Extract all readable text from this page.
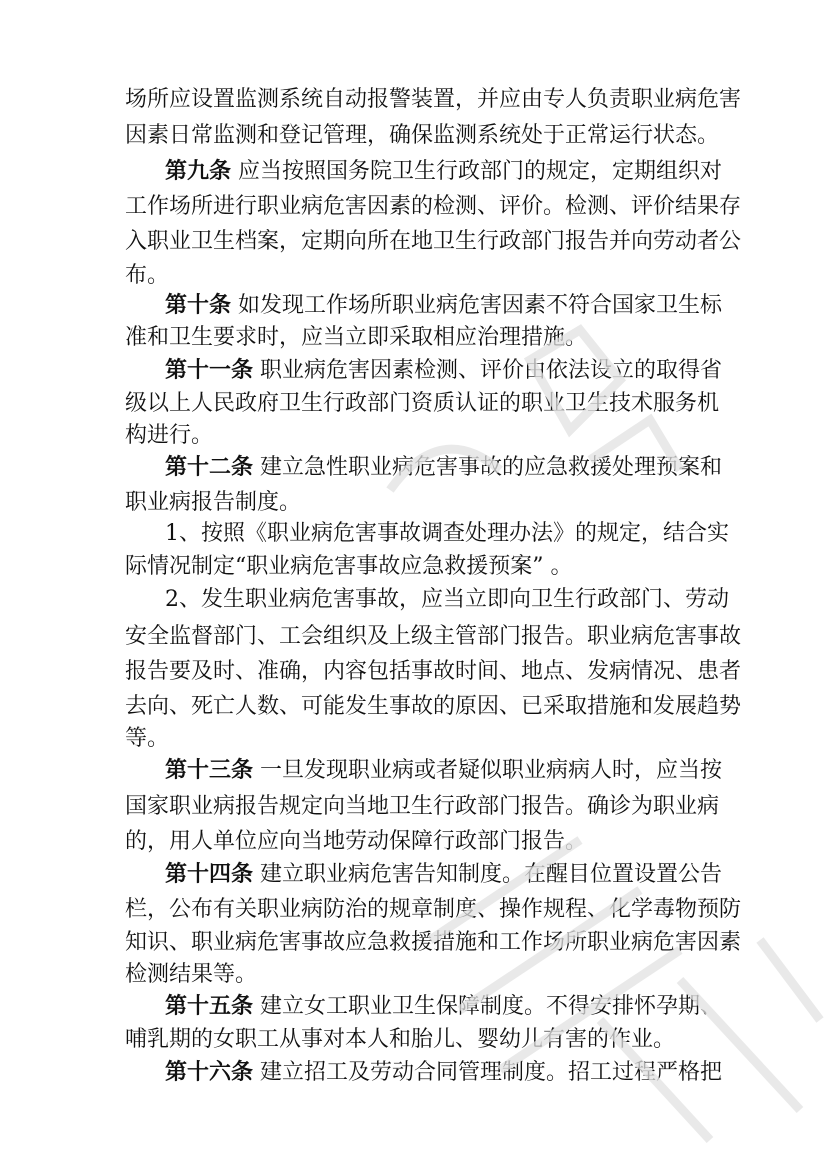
场所应设置监测系统自动报警装置，并应由专人负责职业病危害
因素日常监测和登记管理，确保监测系统处于正常运行状态。
第九条 应当按照国务院卫生行政部门的规定，定期组织对
工作场所进行职业病危害因素的检测、评价。检测、评价结果存
入职业卫生档案，定期向所在地卫生行政部门报告并向劳动者公
布。
第十条 如发现工作场所职业病危害因素不符合国家卫生标
准和卫生要求时，应当立即采取相应治理措施。
第十一条 职业病危害因素检测、评价由依法设立的取得省
级以上人民政府卫生行政部门资质认证的职业卫生技术服务机
构进行。
第十二条 建立急性职业病危害事故的应急救援处理预案和
职业病报告制度。
1、按照《职业病危害事故调查处理办法》的规定，结合实
际情况制定“职业病危害事故应急救援预案” 。
2、发生职业病危害事故，应当立即向卫生行政部门、劳动
安全监督部门、工会组织及上级主管部门报告。职业病危害事故
报告要及时、准确，内容包括事故时间、地点、发病情况、患者
去向、死亡人数、可能发生事故的原因、已采取措施和发展趋势
等。
第十三条 一旦发现职业病或者疑似职业病病人时，应当按
国家职业病报告规定向当地卫生行政部门报告。确诊为职业病
的，用人单位应向当地劳动保障行政部门报告。
第十四条 建立职业病危害告知制度。在醒目位置设置公告
栏，公布有关职业病防治的规章制度、操作规程、化学毒物预防
知识、职业病危害事故应急救援措施和工作场所职业病危害因素
检测结果等。
第十五条 建立女工职业卫生保障制度。不得安排怀孕期、
哺乳期的女职工从事对本人和胎儿、婴幼儿有害的作业。
第十六条 建立招工及劳动合同管理制度。招工过程严格把
